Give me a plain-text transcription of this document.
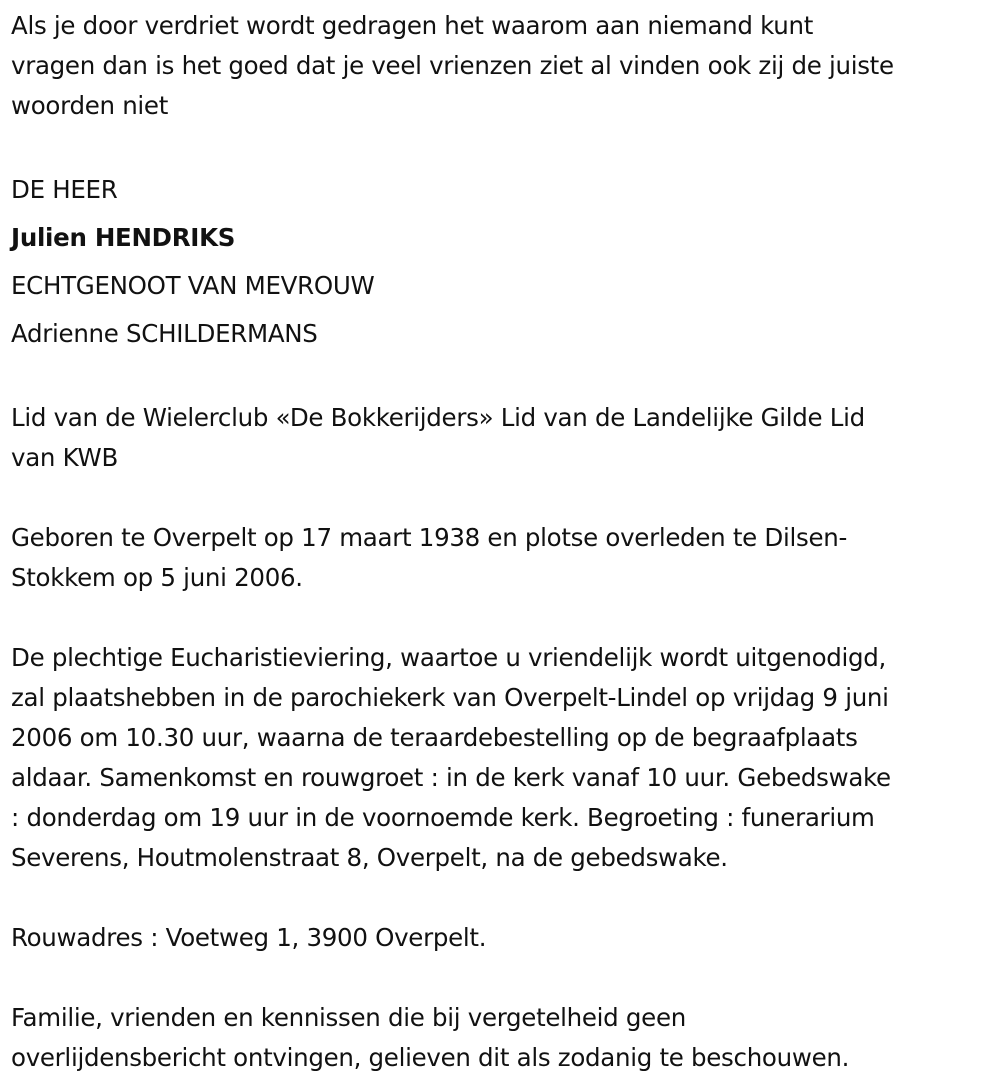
Als je door verdriet wordt gedragen het waarom aan niemand kunt
vragen dan is het goed dat je veel vrienzen ziet al vinden ook zij de juiste
woorden niet

DE HEER

Julien HENDRIKS

ECHTGENOOT VAN MEVROUW

Adrienne SCHILDERMANS

Lid van de Wielerclub «De Bokkerijders» Lid van de Landelijke Gilde Lid
van KWB

Geboren te Overpelt op 17 maart 1938 en plotse overleden te Dilsen-
Stokkem op 5 juni 2006.

De plechtige Eucharistieviering, waartoe u vriendelijk wordt uitgenodigd,
zal plaatshebben in de parochiekerk van Overpelt-Lindel op vrijdag 9 juni
2006 om 10.30 uur, waarna de teraardebestelling op de begraafplaats
aldaar. Samenkomst en rouwgroet : in de kerk vanaf 10 uur. Gebedswake
: donderdag om 19 uur in de voornoemde kerk. Begroeting : funerarium
Severens, Houtmolenstraat 8, Overpelt, na de gebedswake.

Rouwadres : Voetweg 1, 3900 Overpelt.

Familie, vrienden en kennissen die bij vergetelheid geen
overlijdensbericht ontvingen, gelieven dit als zodanig te beschouwen.
